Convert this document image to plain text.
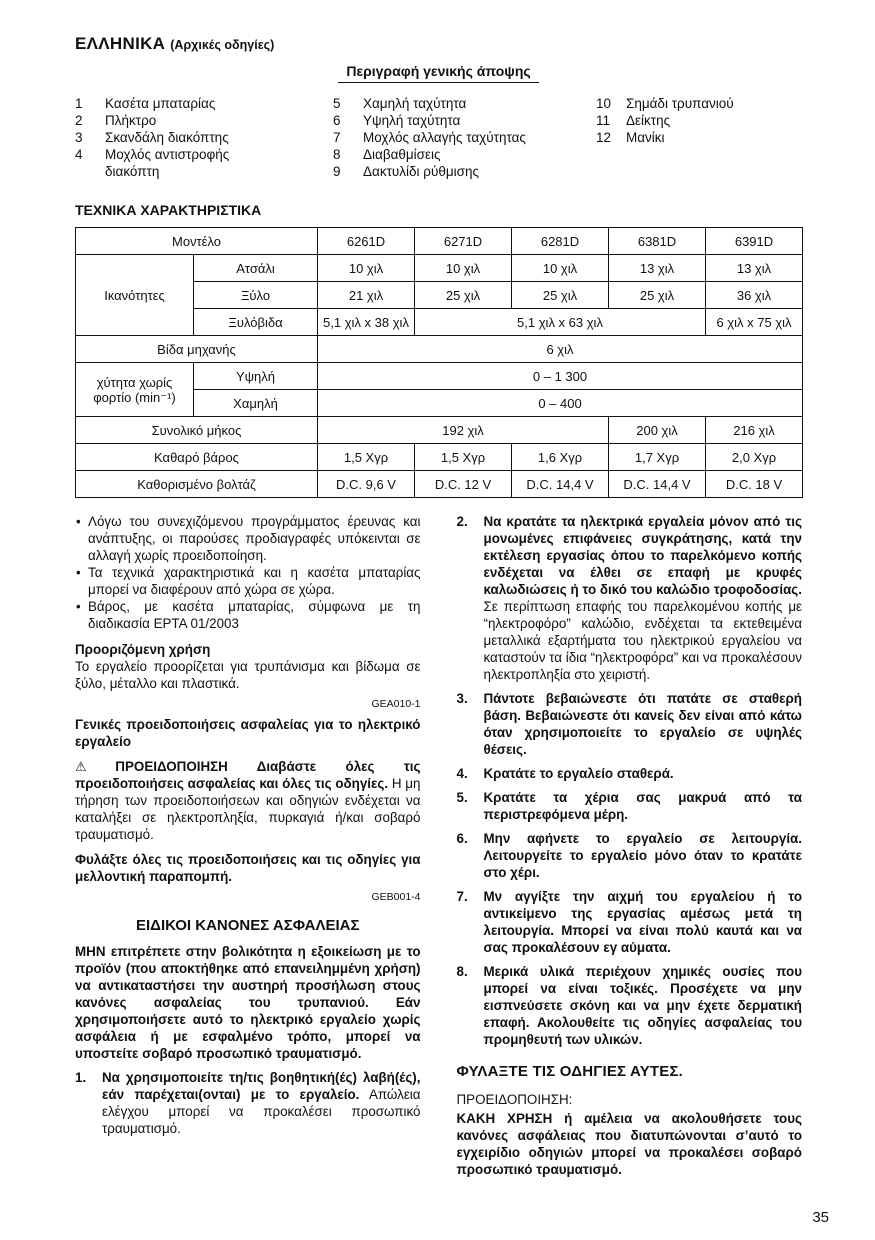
ΕΛΛΗΝΙΚΑ (Αρχικές οδηγίες)
Περιγραφή γενικής άποψης
1	Κασέτα μπαταρίας
2	Πλήκτρο
3	Σκανδάλη διακόπτης
4	Μοχλός αντιστροφής διακόπτη
5	Χαμηλή ταχύτητα
6	Υψηλή ταχύτητα
7	Μοχλός αλλαγής ταχύτητας
8	Διαβαθμίσεις
9	Δακτυλίδι ρύθμισης
10	Σημάδι τρυπανιού
11	Δείκτης
12	Μανίκι
ΤΕΧΝΙΚΑ ΧΑΡΑΚΤΗΡΙΣΤΙΚΑ
Μοντέλο		6261D	6271D	6281D	6381D	6391D
Ικανότητες	Ατσάλι	10 χιλ	10 χιλ	10 χιλ	13 χιλ	13 χιλ
	Ξύλο	21 χιλ	25 χιλ	25 χιλ	25 χιλ	36 χιλ
	Ξυλόβιδα	5,1 χιλ x 38 χιλ	5,1 χιλ x 63 χιλ			6 χιλ x 75 χιλ
Βίδα μηχανής		6 χιλ				
χύτητα χωρίς φορτίο (min⁻¹)	Υψηλή	0 – 1 300				
	Χαμηλή	0 – 400				
Συνολικό μήκος		192 χιλ			200 χιλ	216 χιλ
Καθαρό βάρος		1,5 Χγρ	1,5 Χγρ	1,6 Χγρ	1,7 Χγρ	2,0 Χγρ
Καθορισμένο βολτάζ		D.C. 9,6 V	D.C. 12 V	D.C. 14,4 V	D.C. 14,4 V	D.C. 18 V

• Λόγω του συνεχιζόμενου προγράμματος έρευνας και ανάπτυξης, οι παρούσες προδιαγραφές υπόκεινται σε αλλαγή χωρίς προειδοποίηση.

• Τα τεχνικά χαρακτηριστικά και η κασέτα μπαταρίας μπορεί να διαφέρουν από χώρα σε χώρα.

• Βάρος, με κασέτα μπαταρίας, σύμφωνα με τη διαδικασία EPTA 01/2003

Προοριζόμενη χρήση

Το εργαλείο προορίζεται για τρυπάνισμα και βίδωμα σε ξύλο, μέταλλο και πλαστικά.

GEA010-1

Γενικές προειδοποιήσεις ασφαλείας για το ηλεκτρικό εργαλείο

⚠ ΠΡΟΕΙΔΟΠΟΙΗΣΗ Διαβάστε όλες τις προειδοποιήσεις ασφαλείας και όλες τις οδηγίες. Η μη τήρηση των προειδοποιήσεων και οδηγιών ενδέχεται να καταλήξει σε ηλεκτροπληξία, πυρκαγιά ή/και σοβαρό τραυματισμό.

Φυλάξτε όλες τις προειδοποιήσεις και τις οδηγίες για μελλοντική παραπομπή.

GEB001-4

ΕΙΔΙΚΟΙ ΚΑΝΟΝΕΣ ΑΣΦΑΛΕΙΑΣ

ΜΗΝ επιτρέπετε στην βολικότητα η εξοικείωση με το προϊόν (που αποκτήθηκε από επανειλημμένη χρήση) να αντικαταστήσει την αυστηρή προσήλωση στους κανόνες ασφαλείας του τρυπανιού. Εάν χρησιμοποιήσετε αυτό το ηλεκτρικό εργαλείο χωρίς ασφάλεια ή με εσφαλμένο τρόπο, μπορεί να υποστείτε σοβαρό προσωπικό τραυματισμό.

1.	Να χρησιμοποιείτε τη/τις βοηθητική(ές) λαβή(ές), εάν παρέχεται(ονται) με το εργαλείο. Απώλεια ελέγχου μπορεί να προκαλέσει προσωπικό τραυματισμό.
2.	Να κρατάτε τα ηλεκτρικά εργαλεία μόνον από τις μονωμένες επιφάνειες συγκράτησης, κατά την εκτέλεση εργασίας όπου το παρελκόμενο κοπής ενδέχεται να έλθει σε επαφή με κρυφές καλωδιώσεις ή το δικό του καλώδιο τροφοδοσίας. Σε περίπτωση επαφής του παρελκομένου κοπής με “ηλεκτροφόρο” καλώδιο, ενδέχεται τα εκτεθειμένα μεταλλικά εξαρτήματα του ηλεκτρικού εργαλείου να καταστούν τα ίδια “ηλεκτροφόρα” και να προκαλέσουν ηλεκτροπληξία στο χειριστή.
3.	Πάντοτε βεβαιώνεστε ότι πατάτε σε σταθερή βάση. Βεβαιώνεστε ότι κανείς δεν είναι από κάτω όταν χρησιμοποιείτε το εργαλείο σε υψηλές θέσεις.
4.	Κρατάτε το εργαλείο σταθερά.
5.	Κρατάτε τα χέρια σας μακρυά από τα περιστρεφόμενα μέρη.
6.	Μην αφήνετε το εργαλείο σε λειτουργία. Λειτουργείτε το εργαλείο μόνο όταν το κρατάτε στο χέρι.
7.	Μν αγγίξτε την αιχμή του εργαλείου ή το αντικείμενο της εργασίας αμέσως μετά τη λειτουργία. Μπορεί να είναι πολύ καυτά και να σας προκαλέσουν εγ αύματα.
8.	Μερικά υλικά περιέχουν χημικές ουσίες που μπορεί να είναι τοξικές. Προσέχετε να μην εισπνεύσετε σκόνη και να μην έχετε δερματική επαφή. Ακολουθείτε τις οδηγίες ασφαλείας του προμηθευτή των υλικών.

ΦΥΛΑΞΤΕ ΤΙΣ ΟΔΗΓΙΕΣ ΑΥΤΕΣ.

ΠΡΟΕΙΔΟΠΟΙΗΣΗ:

ΚΑΚΗ ΧΡΗΣΗ ή αμέλεια να ακολουθήσετε τους κανόνες ασφάλειας που διατυπώνονται σ’αυτό το εγχειρίδιο οδηγιών μπορεί να προκαλέσει σοβαρό προσωπικό τραυματισμό.

35
